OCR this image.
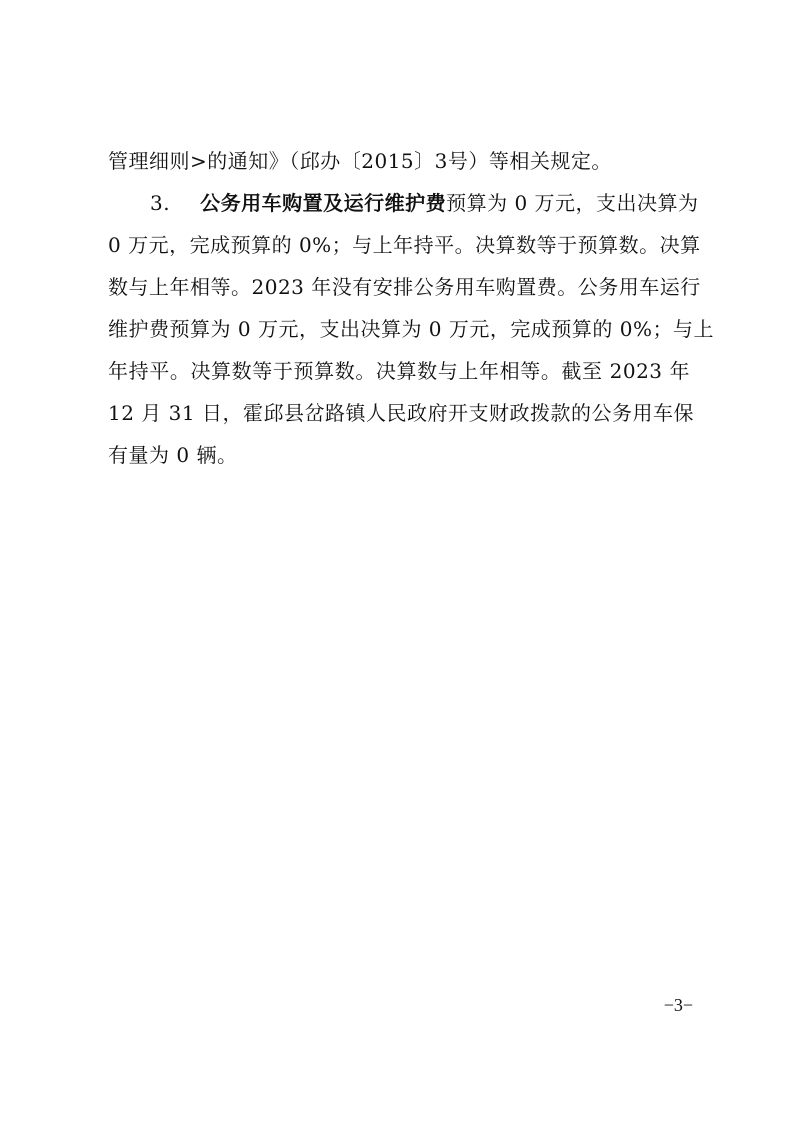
管理细则>的通知》（邱办〔2015〕3号）等相关规定。
3. 公务用车购置及运行维护费预算为 0 万元，支出决算为
0 万元，完成预算的 0%；与上年持平。决算数等于预算数。决算
数与上年相等。2023 年没有安排公务用车购置费。公务用车运行
维护费预算为 0 万元，支出决算为 0 万元，完成预算的 0%；与上
年持平。决算数等于预算数。决算数与上年相等。截至 2023 年
12 月 31 日，霍邱县岔路镇人民政府开支财政拨款的公务用车保
有量为 0 辆。
−3−
